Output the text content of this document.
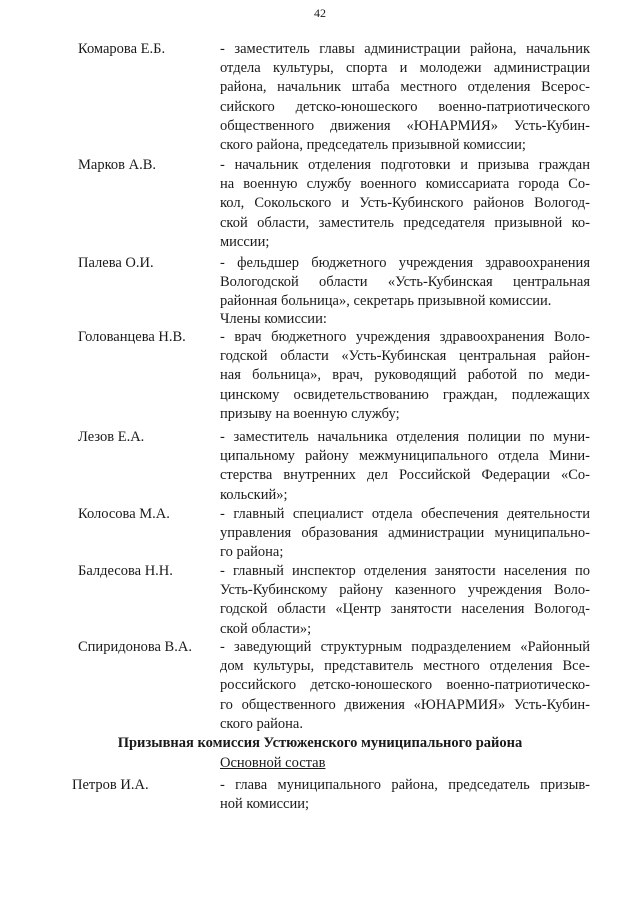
42
Комарова Е.Б.	- заместитель главы администрации района, начальник
отдела культуры, спорта и молодежи администрации
района, начальник штаба местного отделения Всерос-
сийского детско-юношеского военно-патриотического
общественного движения «ЮНАРМИЯ» Усть-Кубин-
ского района, председатель призывной комиссии;
Марков А.В.	- начальник отделения подготовки и призыва граждан
на военную службу военного комиссариата города Со-
кол, Сокольского и Усть-Кубинского районов Вологод-
ской области, заместитель председателя призывной ко-
миссии;
Палева О.И.	- фельдшер бюджетного учреждения здравоохранения
Вологодской области «Усть-Кубинская центральная
районная больница», секретарь призывной комиссии.
Голованцева Н.В. - врач бюджетного учреждения здравоохранения Воло-
годской области «Усть-Кубинская центральная район-
ная больница», врач, руководящий работой по меди-
цинскому освидетельствованию граждан, подлежащих
призыву на военную службу;
Лезов Е.А.	- заместитель начальника отделения полиции по муни-
ципальному району межмуниципального отдела Мини-
стерства внутренних дел Российской Федерации «Со-
кольский»;
Колосова М.А.	- главный специалист отдела обеспечения деятельности
управления образования администрации муниципально-
го района;
Балдесова Н.Н.	- главный инспектор отделения занятости населения по
Усть-Кубинскому району казенного учреждения Воло-
годской области «Центр занятости населения Вологод-
ской области»;
Спиридонова В.А. - заведующий структурным подразделением «Районный
дом культуры, представитель местного отделения Все-
российского детско-юношеского военно-патриотическо-
го общественного движения «ЮНАРМИЯ» Усть-Кубин-
ского района.
Петров И.А.	- глава муниципального района, председатель призыв-
ной комиссии;
Члены комиссии:
Призывная комиссия Устюженского муниципального района
Основной состав
